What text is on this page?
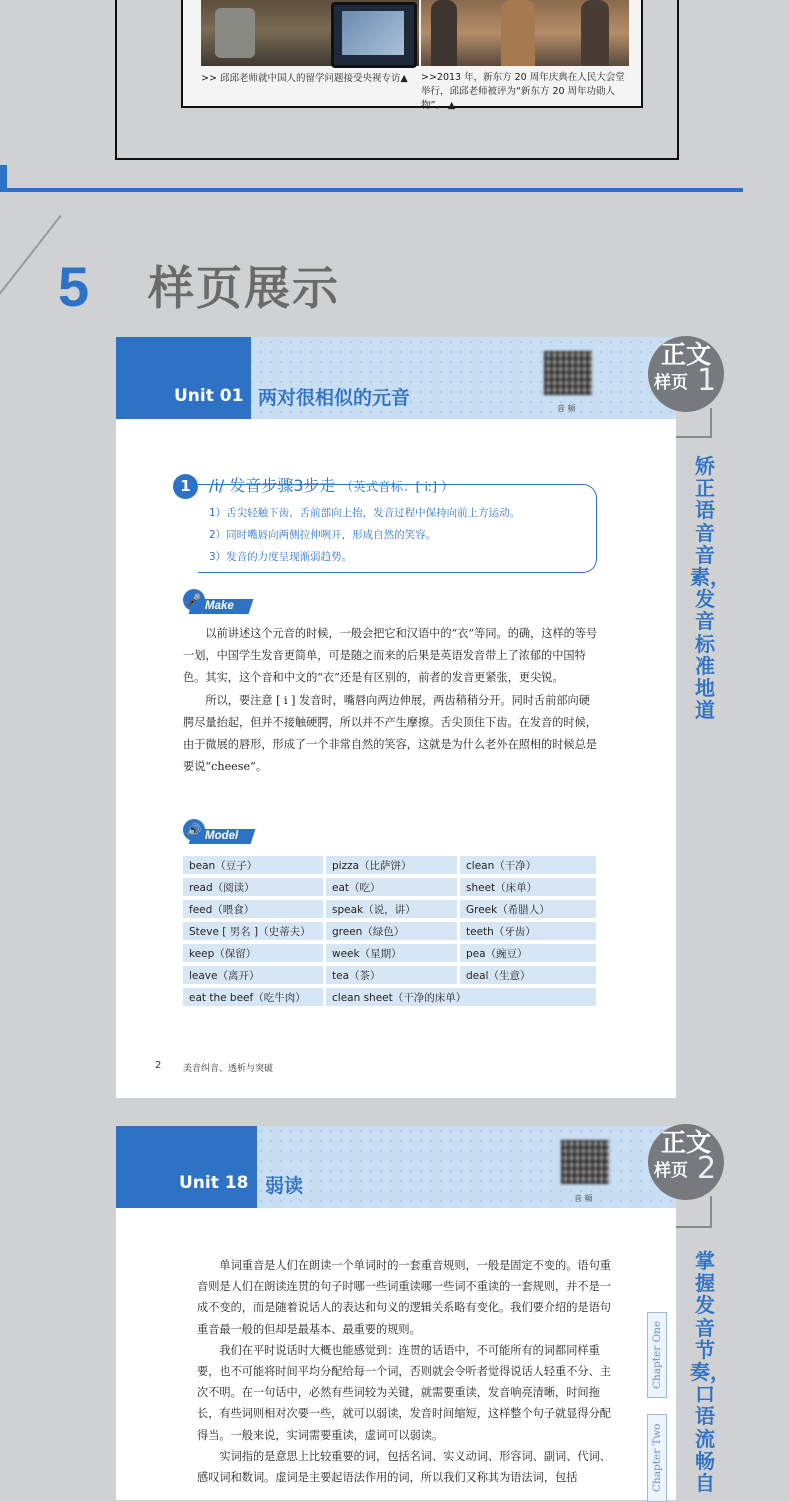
>> 邱邱老师就中国人的留学问题接受央视专访▲	>>2013 年，新东方 20 周年庆典在人民大会堂举行，邱邱老师被评为“新东方 20 周年功勋人物”。 ▲
5 样页展示
Unit 01 两对很相似的元音	音 频
1	/i/ 发音步骤3步走 （英式音标：[ iː] ）
1）舌尖轻触下齿，舌前部向上抬，发音过程中保持向前上方运动。
2）同时嘴唇向两侧拉伸咧开，形成自然的笑容。
3）发音的力度呈现渐弱趋势。
🎤 Make

以前讲述这个元音的时候，一般会把它和汉语中的“衣”等同。的确，这样的等号一划，中国学生发音更简单，可是随之而来的后果是英语发音带上了浓郁的中国特色。其实，这个音和中文的“衣”还是有区别的，前者的发音更紧张，更尖锐。

所以，要注意 [ i ] 发音时，嘴唇向两边伸展，两齿稍稍分开。同时舌前部向硬腭尽量抬起，但并不接触硬腭，所以并不产生摩擦。舌尖顶住下齿。在发音的时候，由于微展的唇形，形成了一个非常自然的笑容，这就是为什么老外在照相的时候总是要说“cheese”。

🔊 Model
bean（豆子）	pizza（比萨饼）	clean（干净）
read（阅读）	eat（吃）	sheet（床单）
feed（喂食）	speak（说，讲）	Greek（希腊人）
Steve [ 男名 ]（史蒂夫）	green（绿色）	teeth（牙齿）
keep（保留）	week（星期）	pea（豌豆）
leave（离开）	tea（茶）	deal（生意）
eat the beef（吃牛肉）	clean sheet（干净的床单）	
2 美音纠音、透析与突破
正文
样页 1
矫正语音音素，发音标准地道
Unit 18 弱读
音 频

单词重音是人们在朗读一个单词时的一套重音规则，一般是固定不变的。语句重音则是人们在朗读连贯的句子时哪一些词重读哪一些词不重读的一套规则，并不是一成不变的，而是随着说话人的表达和句义的逻辑关系略有变化。我们要介绍的是语句重音最一般的但却是最基本、最重要的规则。

我们在平时说话时大概也能感觉到：连贯的话语中，不可能所有的词都同样重要，也不可能将时间平均分配给每一个词，否则就会令听者觉得说话人轻重不分、主次不明。在一句话中，必然有些词较为关键，就需要重读，发音响亮清晰，时间拖长，有些词则相对次要一些，就可以弱读，发音时间缩短，这样整个句子就显得分配得当。一般来说，实词需要重读，虚词可以弱读。

实词指的是意思上比较重要的词，包括名词、实义动词、形容词、副词、代词、感叹词和数词。虚词是主要起语法作用的词，所以我们又称其为语法词，包括

Chapter One
Chapter Two
正文
样页 2
掌握发音节奏，口语流畅自
